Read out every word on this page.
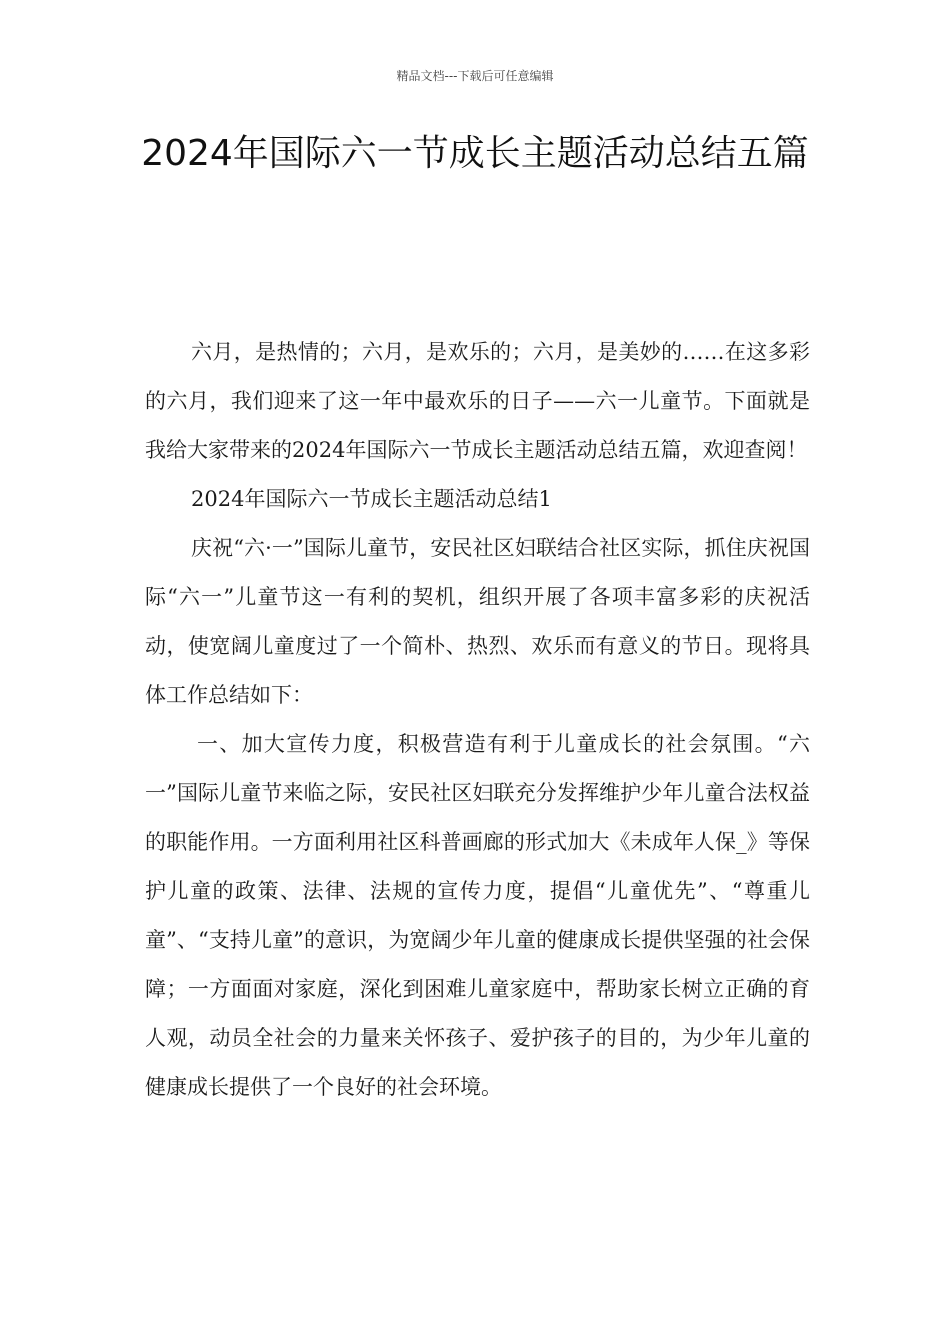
精品文档---下载后可任意编辑
2024年国际六一节成长主题活动总结五篇

六月，是热情的；六月，是欢乐的；六月，是美妙的……在这多彩的六月，我们迎来了这一年中最欢乐的日子——六一儿童节。下面就是我给大家带来的2024年国际六一节成长主题活动总结五篇，欢迎查阅！

2024年国际六一节成长主题活动总结1

庆祝“六·一”国际儿童节，安民社区妇联结合社区实际，抓住庆祝国际“六一”儿童节这一有利的契机，组织开展了各项丰富多彩的庆祝活动，使宽阔儿童度过了一个简朴、热烈、欢乐而有意义的节日。现将具体工作总结如下：

一、加大宣传力度，积极营造有利于儿童成长的社会氛围。“六一”国际儿童节来临之际，安民社区妇联充分发挥维护少年儿童合法权益的职能作用。一方面利用社区科普画廊的形式加大《未成年人保_》等保护儿童的政策、法律、法规的宣传力度，提倡“儿童优先”、“尊重儿童”、“支持儿童”的意识，为宽阔少年儿童的健康成长提供坚强的社会保障；一方面面对家庭，深化到困难儿童家庭中，帮助家长树立正确的育人观，动员全社会的力量来关怀孩子、爱护孩子的目的，为少年儿童的健康成长提供了一个良好的社会环境。
